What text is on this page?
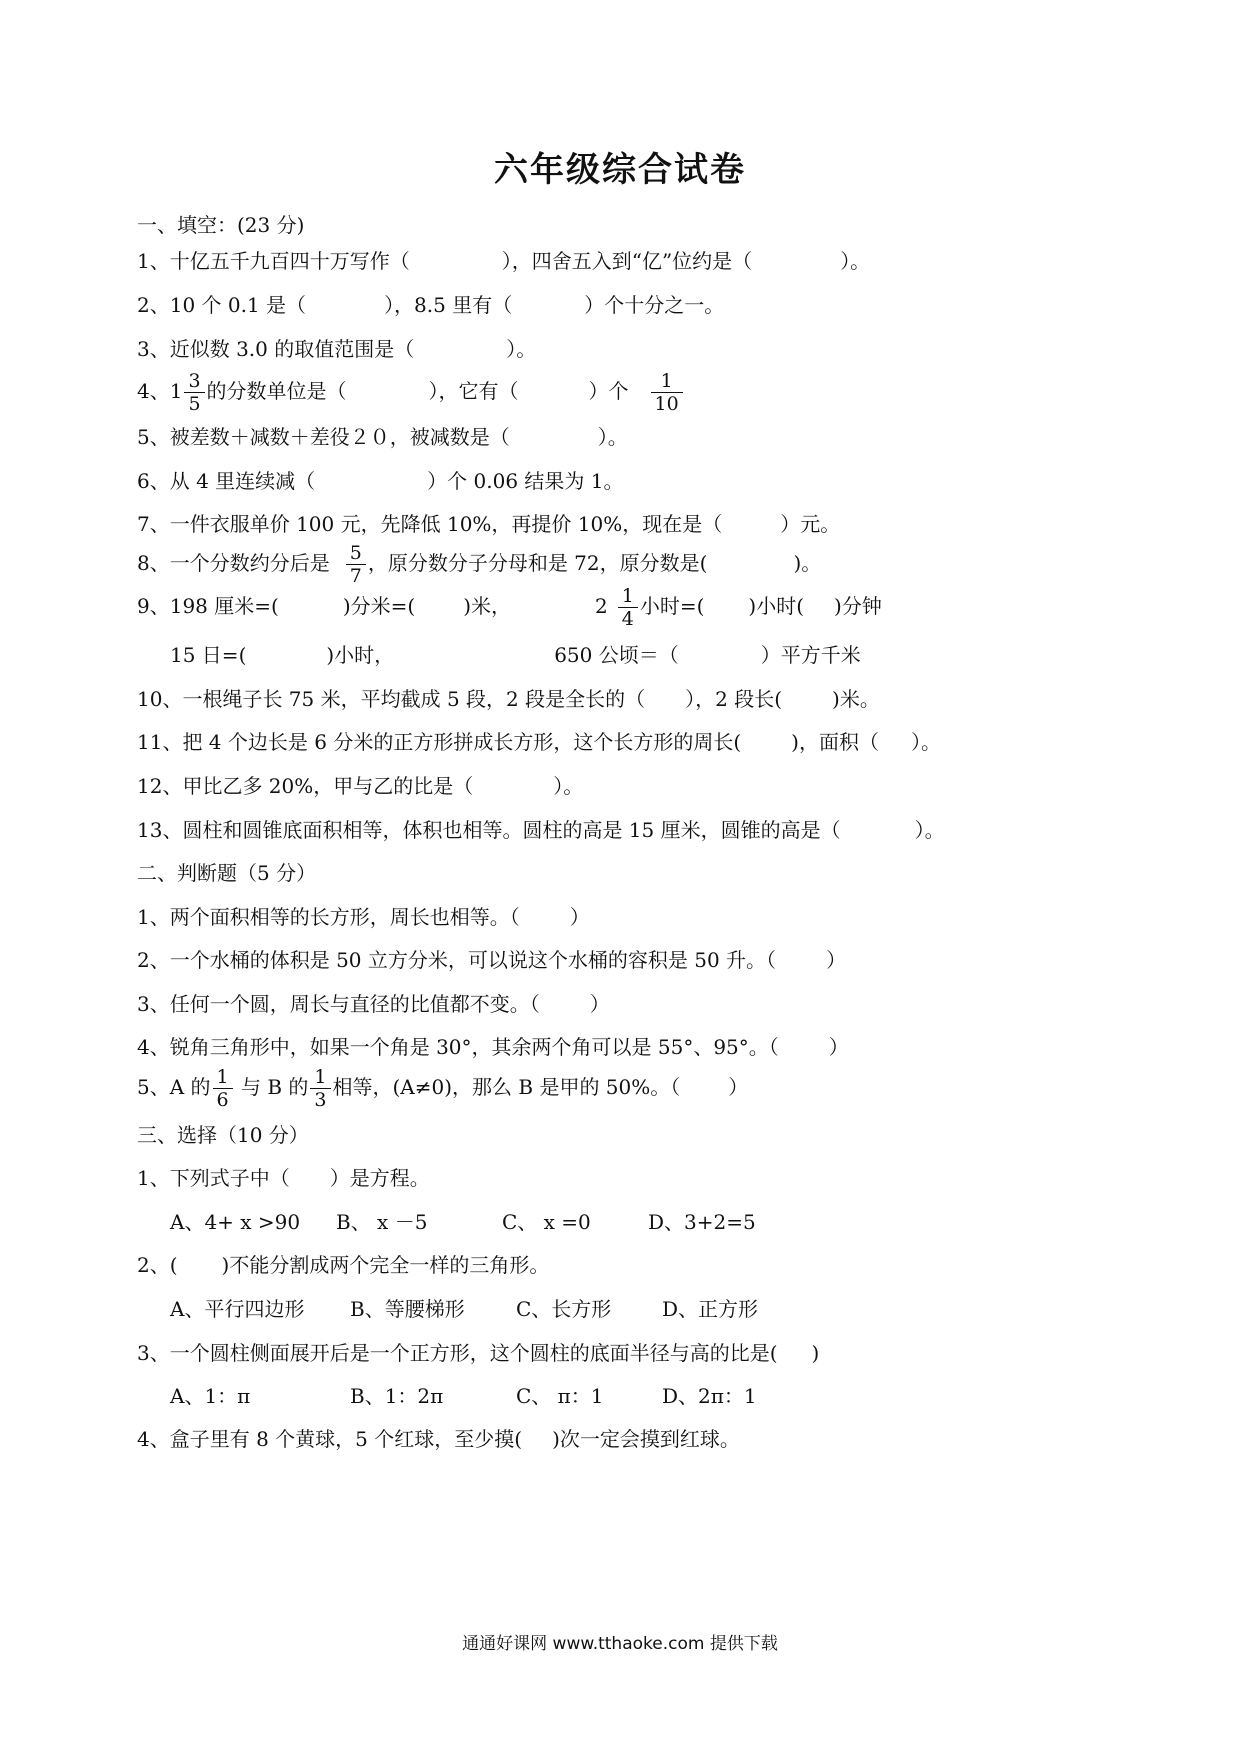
六年级综合试卷
一、填空：(23 分)
1、十亿五千九百四十万写作（	），四舍五入到“亿”位约是（	）。
2、10 个 0.1 是（	），8.5 里有（	）个十分之一。
3、近似数 3.0 的取值范围是（	）。
4、$1 \frac{3}{5}$ 的分数单位是（	），它有（	）个 $\frac{1}{10}$
5、被差数＋减数＋差役２０，被减数是（	）。
6、从 4 里连续减（	）个 0.06 结果为 1。
7、一件衣服单价 100 元，先降低 10%，再提价 10%，现在是（	）元。
8、一个分数约分后是 $\frac{5}{7}$ ，原分数分子分母和是 72，原分数是(	)。
9、198 厘米=(	)分米=( )米，	$2 \frac{1}{4}$ 小时=( )小时( )分钟
15 日=(	)小时，	650 公顷＝（	）平方千米
10、一根绳子长 75 米，平均截成 5 段，2 段是全长的（ ），2 段长(	)米。
11、把 4 个边长是 6 分米的正方形拼成长方形，这个长方形的周长(	)，面积（ ）。
12、甲比乙多 20%，甲与乙的比是（	）。
13、圆柱和圆锥底面积相等，体积也相等。圆柱的高是 15 厘米，圆锥的高是（	）。
二、判断题（5 分）
1、两个面积相等的长方形，周长也相等。（	）
2、一个水桶的体积是 50 立方分米，可以说这个水桶的容积是 50 升。（	）
3、任何一个圆，周长与直径的比值都不变。（	）
4、锐角三角形中，如果一个角是 30°，其余两个角可以是 55°、95°。（	）
5、A 的 $\frac{1}{6}$ 与 B 的 $\frac{1}{3}$ 相等，(A≠0)，那么 B 是甲的 50%。（ ）
三、选择（10 分）
1、下列式子中（ ）是方程。
A、4+ x >90 B、 x －5	C、 x =0	D、3+2=5
2、( )不能分割成两个完全一样的三角形。
A、平行四边形 B、等腰梯形	C、长方形	D、正方形
3、一个圆柱侧面展开后是一个正方形，这个圆柱的底面半径与高的比是( )
A、1：π	B、1：2π	C、 π：1	D、2π：1
4、盒子里有 8 个黄球，5 个红球，至少摸( )次一定会摸到红球。
通通好课网 www.tthaoke.com 提供下载
